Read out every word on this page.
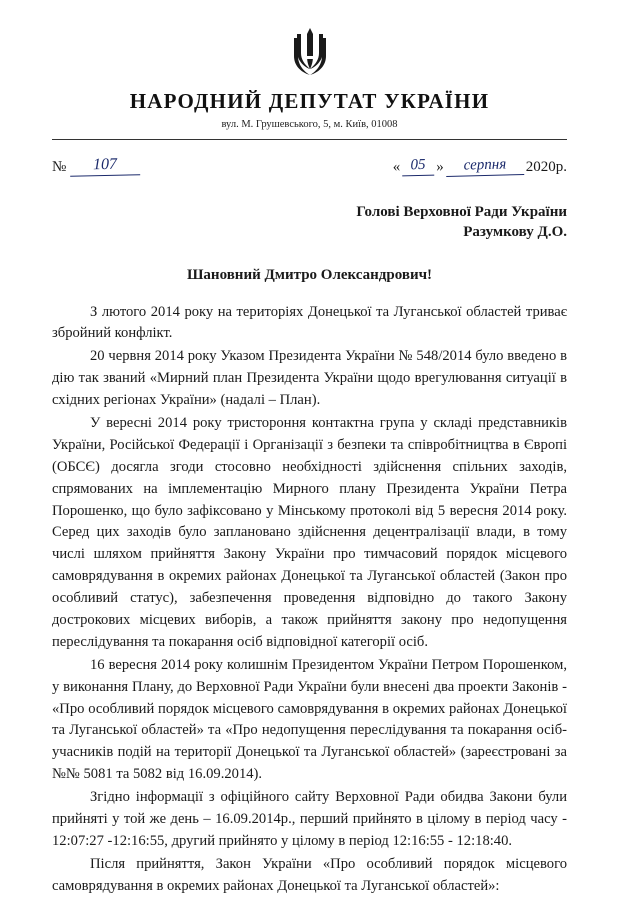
НАРОДНИЙ ДЕПУТАТ УКРАЇНИ
вул. М. Грушевського, 5, м. Київ, 01008
№	107	« 05 »	серпня	2020р.
Голові Верховної Ради України
Разумкову Д.О.
Шановний Дмитро Олександрович!

З лютого 2014 року на територіях Донецької та Луганської областей триває збройний конфлікт.

20 червня 2014 року Указом Президента України № 548/2014 було введено в дію так званий «Мирний план Президента України щодо врегулювання ситуації в східних регіонах України» (надалі – План).

У вересні 2014 року тристороння контактна група у складі представників України, Російської Федерації і Організації з безпеки та співробітництва в Європі (ОБСЄ) досягла згоди стосовно необхідності здійснення спільних заходів, спрямованих на імплементацію Мирного плану Президента України Петра Порошенко, що було зафіксовано у Мінському протоколі від 5 вересня 2014 року. Серед цих заходів було заплановано здійснення децентралізації влади, в тому числі шляхом прийняття Закону України про тимчасовий порядок місцевого самоврядування в окремих районах Донецької та Луганської областей (Закон про особливий статус), забезпечення проведення відповідно до такого Закону дострокових місцевих виборів, а також прийняття закону про недопущення переслідування та покарання осіб відповідної категорії осіб.

16 вересня 2014 року колишнім Президентом України Петром Порошенком, у виконання Плану, до Верховної Ради України були внесені два проекти Законів - «Про особливий порядок місцевого самоврядування в окремих районах Донецької та Луганської областей» та «Про недопущення переслідування та покарання осіб-учасників подій на території Донецької та Луганської областей» (зареєстровані за №№ 5081 та 5082 від 16.09.2014).

Згідно інформації з офіційного сайту Верховної Ради обидва Закони були прийняті у той же день – 16.09.2014р., перший прийнято в цілому в період часу - 12:07:27 -12:16:55, другий прийнято у цілому в період 12:16:55 - 12:18:40.

Після прийняття, Закон України «Про особливий порядок місцевого самоврядування в окремих районах Донецької та Луганської областей»:
